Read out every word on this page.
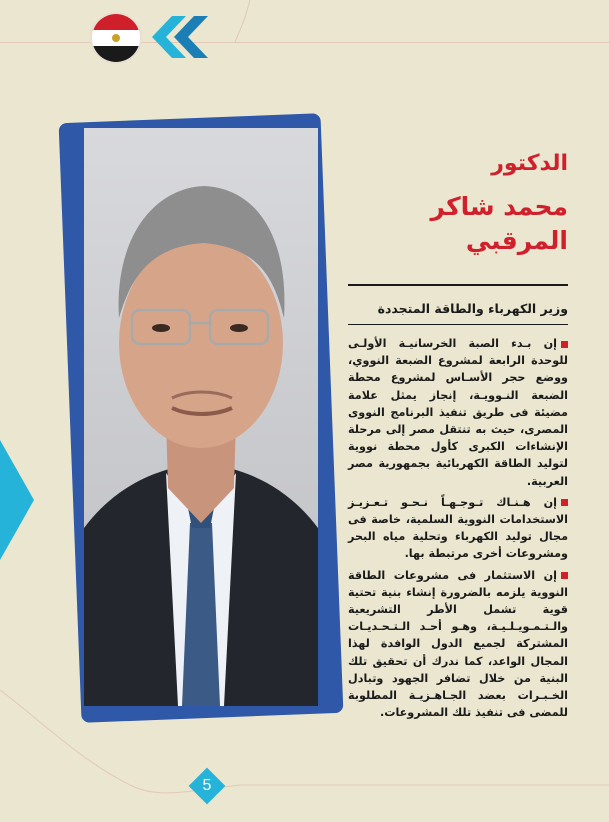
الدكتور
محمد شاكر المرقبي
وزير الكهرباء والطاقة المتجددة

إن بـدء الصبة الخرسانيـة الأولـى للوحدة الرابعة لمشروع الضبعة النووي، ووضع حجر الأسـاس لمشروع محطة الضبعة النـوويـة، إنجاز يمثل علامة مضيئة فى طريق تنفيذ البرنامج النووى المصرى، حيث به تنتقل مصر إلى مرحلة الإنشاءات الكبرى كأول محطة نووية لتوليد الطاقة الكهربائية بجمهورية مصر العربية.

إن هـنـاك تـوجـهـاً نـحـو تـعـزيـز الاستخدامات النووية السلمية، خاصة فى مجال توليد الكهرباء وتحلية مياه البحر ومشروعات أخرى مرتبطة بها.

إن الاستثمار فى مشروعات الطاقة النووية يلزمه بالضرورة إنشاء بنية تحتية قوية تشمل الأطر التشريعية والـتـمـويـلـيـة، وهـو أحـد الـتـحـديـات المشتركة لجميع الدول الوافدة لهذا المجال الواعد، كما ندرك أن تحقيق تلك البنية من خلال تضافر الجهود وتبادل الخـبـرات بعضد الجـاهـزيـة المطلوبة للمضى فى تنفيذ تلك المشروعات.

5
